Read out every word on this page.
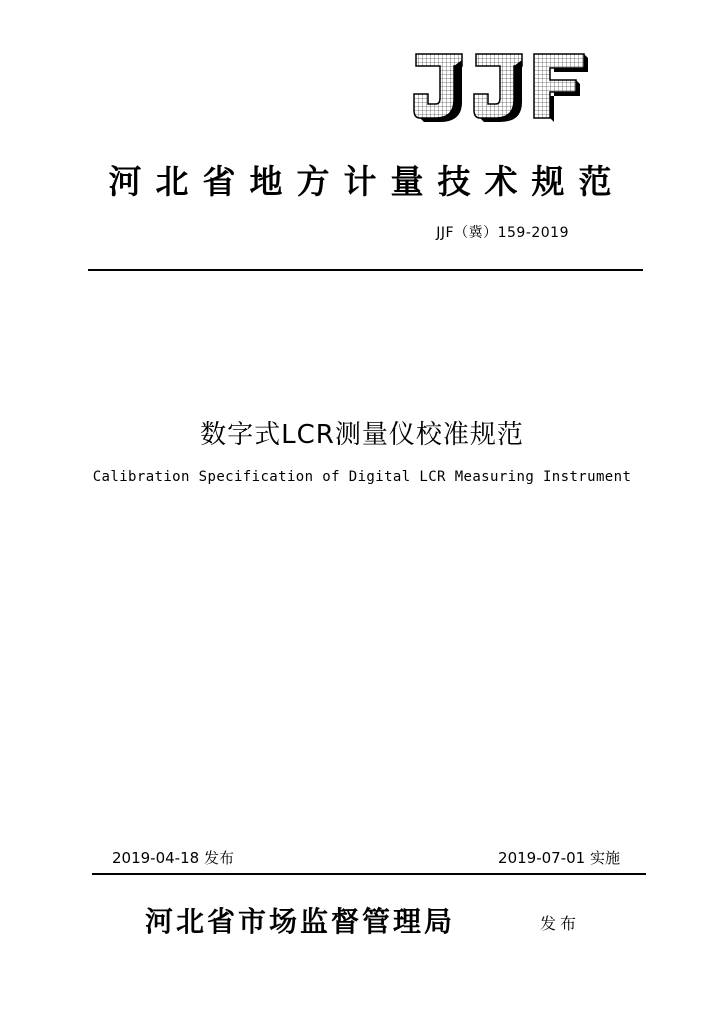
河北省地方计量技术规范
JJF（冀）159-2019
数字式LCR测量仪校准规范
Calibration Specification of Digital LCR Measuring Instrument
2019-04-18 发布	2019-07-01 实施
河北省市场监督管理局	发布
